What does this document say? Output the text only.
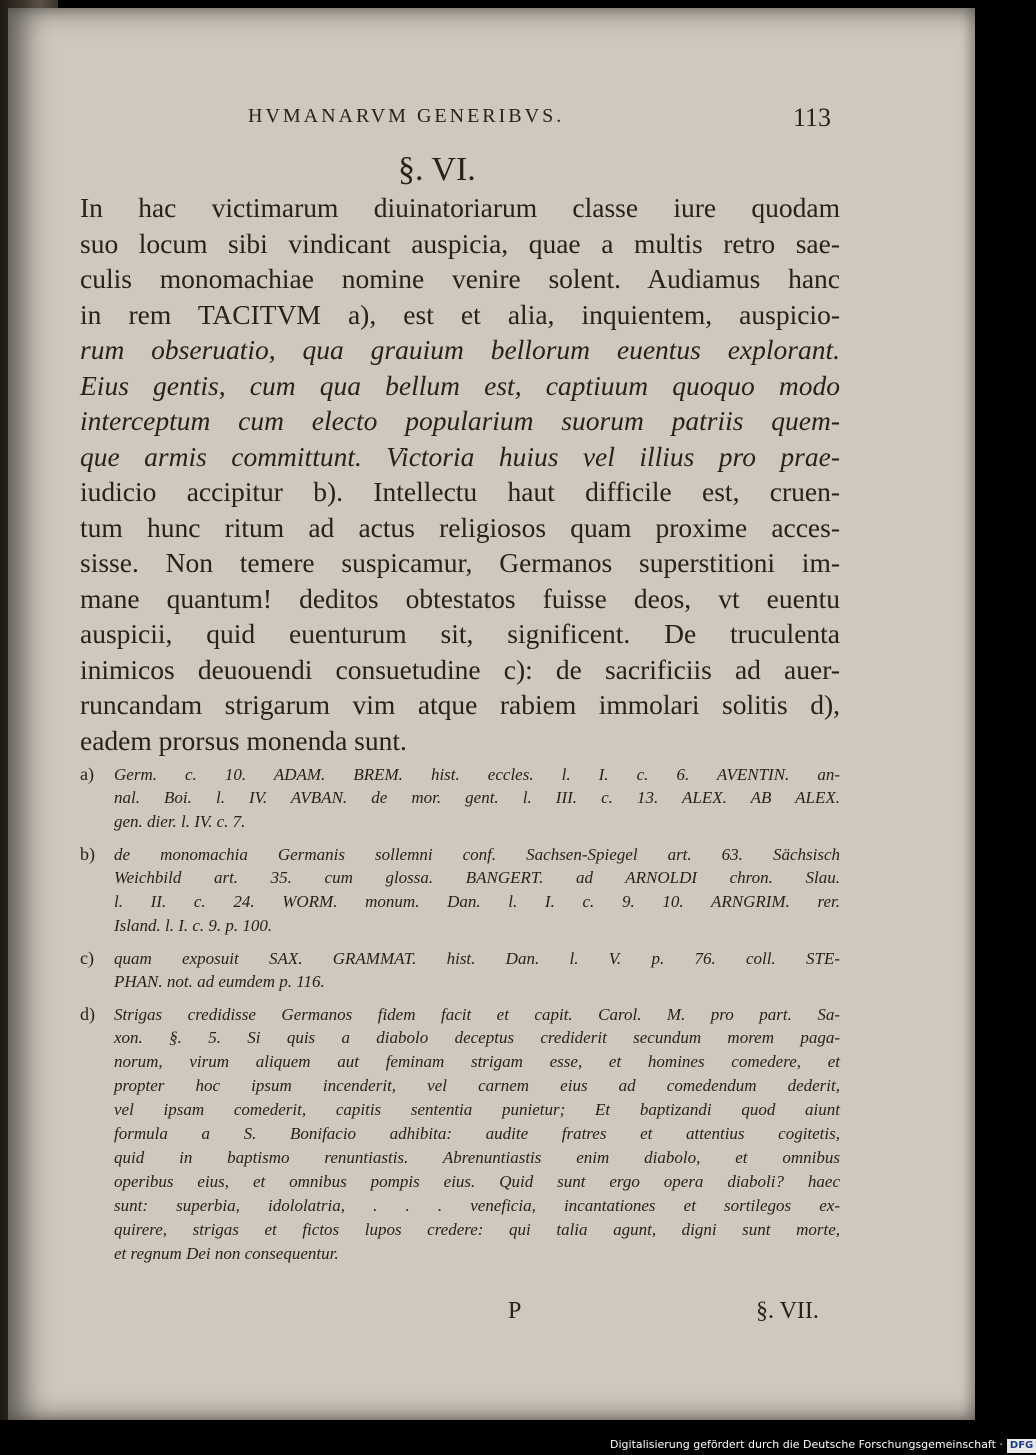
HVMANARVM GENERIBVS.	113
§. VI.
In hac victimarum diuinatoriarum classe iure quodam
suo locum sibi vindicant auspicia, quae a multis retro sae-
culis monomachiae nomine venire solent. Audiamus hanc
in rem TACITVM a), est et alia, inquientem, auspicio-
rum obseruatio, qua grauium bellorum euentus explorant.
Eius gentis, cum qua bellum est, captiuum quoquo modo
interceptum cum electo popularium suorum patriis quem-
que armis committunt. Victoria huius vel illius pro prae-
iudicio accipitur b). Intellectu haut difficile est, cruen-
tum hunc ritum ad actus religiosos quam proxime acces-
sisse. Non temere suspicamur, Germanos superstitioni im-
mane quantum! deditos obtestatos fuisse deos, vt euentu
auspicii, quid euenturum sit, significent. De truculenta
inimicos deuouendi consuetudine c): de sacrificiis ad auer-
runcandam strigarum vim atque rabiem immolari solitis d),
eadem prorsus monenda sunt.
a) Germ. c. 10. ADAM. BREM. hist. eccles. l. I. c. 6. AVENTIN. an-
nal. Boi. l. IV. AVBAN. de mor. gent. l. III. c. 13. ALEX. AB ALEX.
gen. dier. l. IV. c. 7.
b) de monomachia Germanis sollemni conf. Sachsen-Spiegel art. 63. Sächsisch
Weichbild art. 35. cum glossa. BANGERT. ad ARNOLDI chron. Slau.
l. II. c. 24. WORM. monum. Dan. l. I. c. 9. 10. ARNGRIM. rer.
Island. l. I. c. 9. p. 100.
c) quam exposuit SAX. GRAMMAT. hist. Dan. l. V. p. 76. coll. STE-
PHAN. not. ad eumdem p. 116.
d) Strigas credidisse Germanos fidem facit et capit. Carol. M. pro part. Sa-
xon. §. 5. Si quis a diabolo deceptus crediderit secundum morem paga-
norum, virum aliquem aut feminam strigam esse, et homines comedere, et
propter hoc ipsum incenderit, vel carnem eius ad comedendum dederit,
vel ipsam comederit, capitis sententia punietur; Et baptizandi quod aiunt
formula a S. Bonifacio adhibita: audite fratres et attentius cogitetis,
quid in baptismo renuntiastis. Abrenuntiastis enim diabolo, et omnibus
operibus eius, et omnibus pompis eius. Quid sunt ergo opera diaboli? haec
sunt: superbia, idololatria, . . . veneficia, incantationes et sortilegos ex-
quirere, strigas et fictos lupos credere: qui talia agunt, digni sunt morte,
et regnum Dei non consequentur.
P	§. VII.
Digitalisierung gefördert durch die Deutsche Forschungsgemeinschaft · DFG
